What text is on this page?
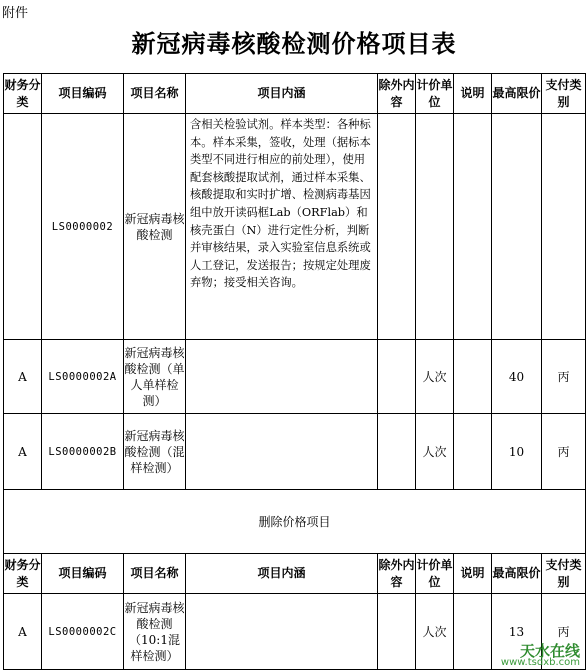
附件
新冠病毒核酸检测价格项目表
财务分类	项目编码	项目名称	项目内涵	除外内容	计价单位	说明	最高限价	支付类别
	LS0000002	新冠病毒核酸检测	含相关检验试剂。样本类型：各种标本。样本采集，签收，处理（据标本类型不同进行相应的前处理），使用配套核酸提取试剂，通过样本采集、核酸提取和实时扩增、检测病毒基因组中放开读码框Lab（ORFlab）和核壳蛋白（N）进行定性分析，判断并审核结果，录入实验室信息系统或人工登记，发送报告；按规定处理废弃物；接受相关咨询。					
A	LS0000002A	新冠病毒核酸检测（单人单样检测）			人次		40	丙
A	LS0000002B	新冠病毒核酸检测（混样检测）			人次		10	丙
删除价格项目								
财务分类	项目编码	项目名称	项目内涵	除外内容	计价单位	说明	最高限价	支付类别
A	LS0000002C	新冠病毒核酸检测（10:1混样检测）			人次		13	丙
天水在线
www.tsdxb.com
